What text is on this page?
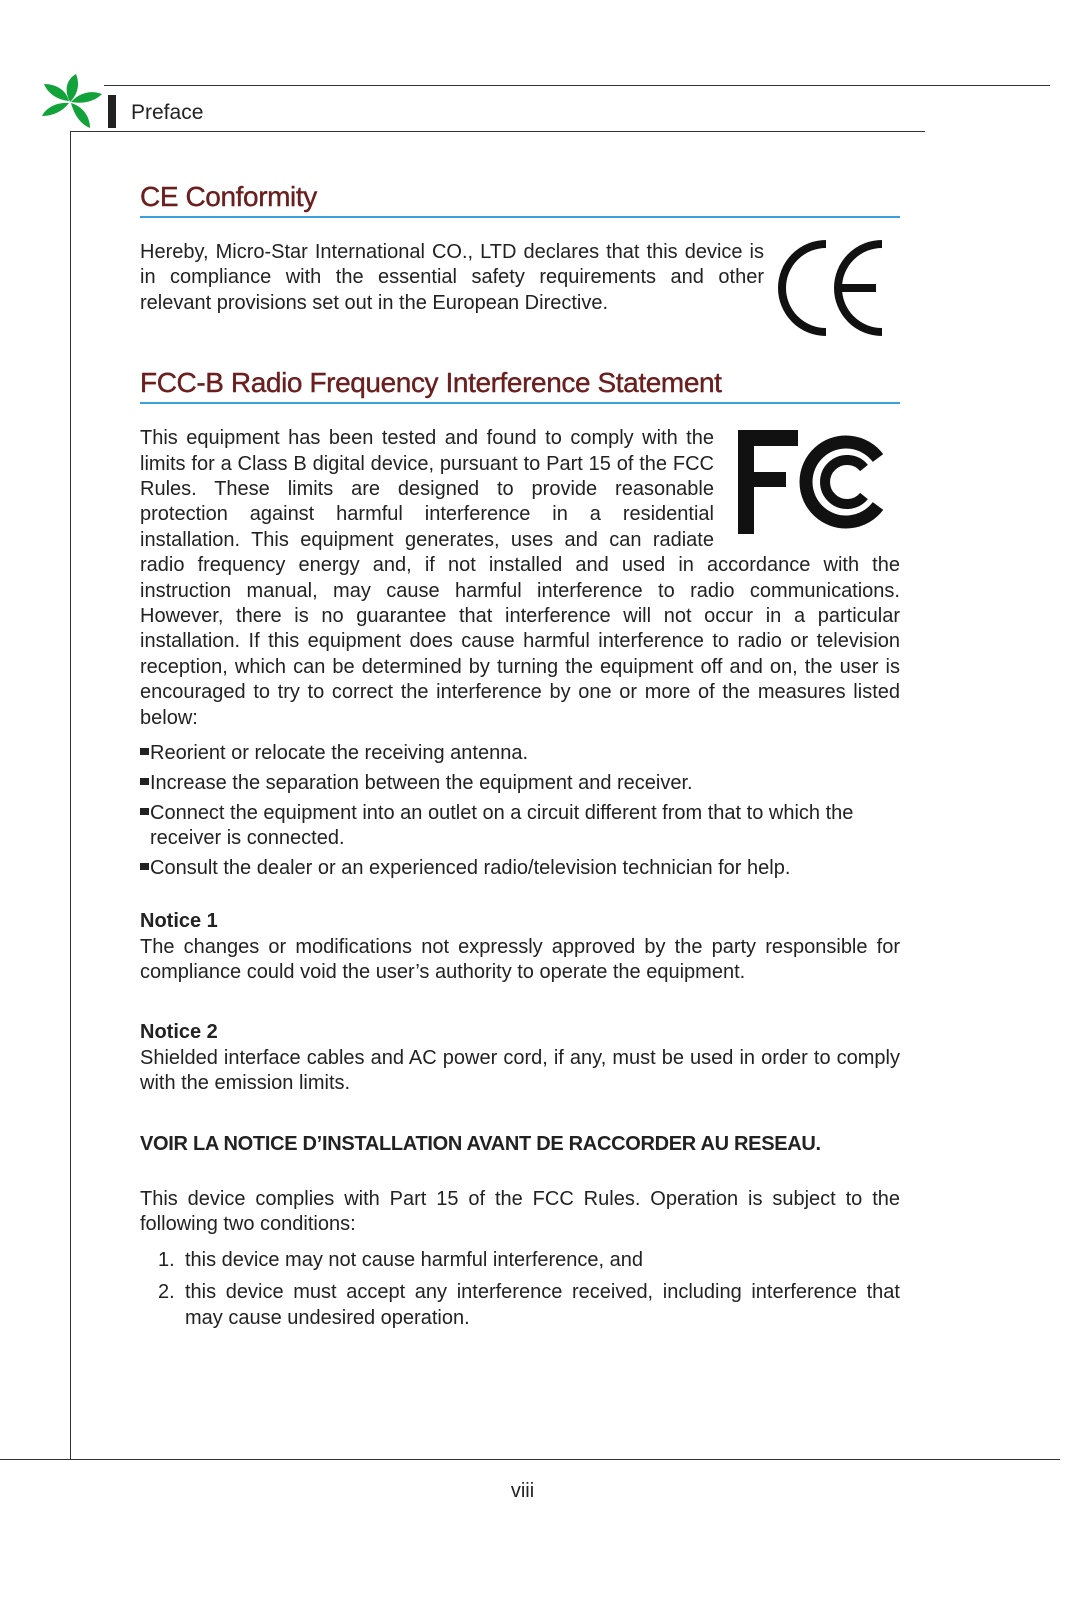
Preface
CE Conformity

Hereby, Micro-Star International CO., LTD declares that this device is in compliance with the essential safety requirements and other relevant provisions set out in the European Directive.

FCC-B Radio Frequency Interference Statement

This equipment has been tested and found to comply with the limits for a Class B digital device, pursuant to Part 15 of the FCC Rules. These limits are designed to provide reasonable protection against harmful interference in a residential installation. This equipment generates, uses and can radiate radio frequency energy and, if not installed and used in accordance with the instruction manual, may cause harmful interference to radio communications. However, there is no guarantee that interference will not occur in a particular installation. If this equipment does cause harmful interference to radio or television reception, which can be determined by turning the equipment off and on, the user is encouraged to try to correct the interference by one or more of the measures listed below:

Reorient or relocate the receiving antenna.
Increase the separation between the equipment and receiver.
Connect the equipment into an outlet on a circuit different from that to which the receiver is connected.
Consult the dealer or an experienced radio/television technician for help.
Notice 1

The changes or modifications not expressly approved by the party responsible for compliance could void the user’s authority to operate the equipment.

Notice 2

Shielded interface cables and AC power cord, if any, must be used in order to comply with the emission limits.

VOIR LA NOTICE D’INSTALLATION AVANT DE RACCORDER AU RESEAU.

This device complies with Part 15 of the FCC Rules. Operation is subject to the following two conditions:

1. this device may not cause harmful interference, and
2. this device must accept any interference received, including interference that may cause undesired operation.
viii
